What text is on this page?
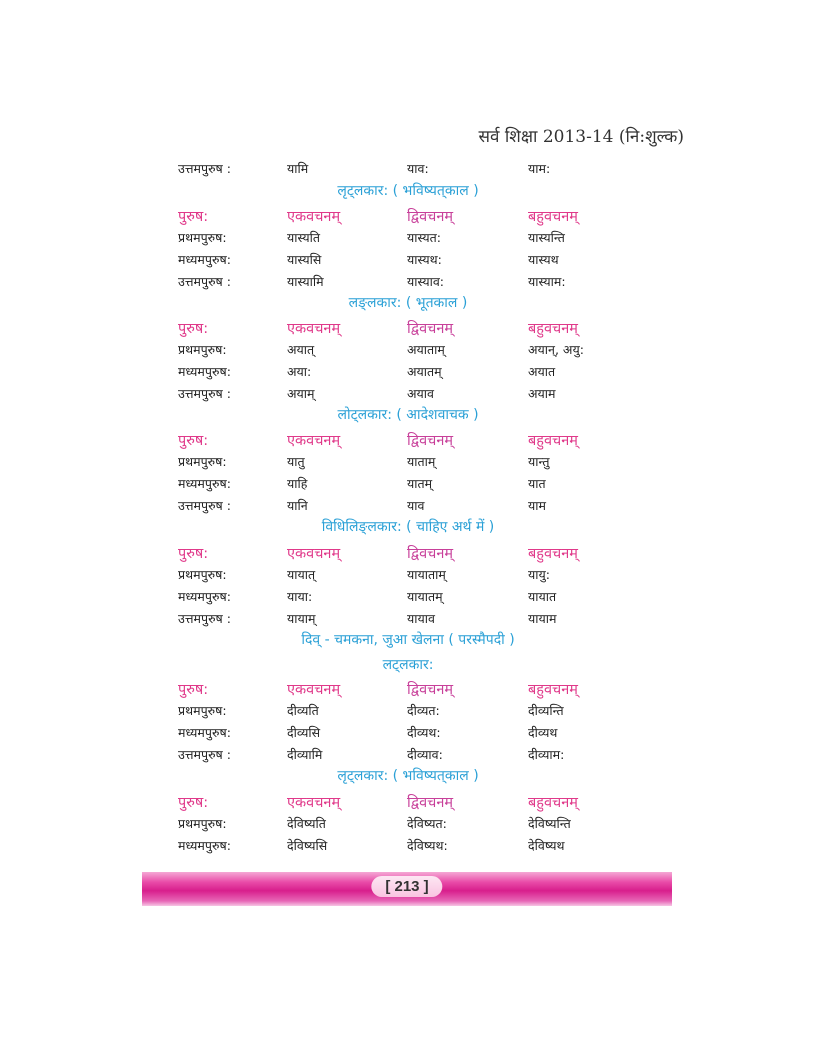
सर्व शिक्षा 2013-14 (नि:शुल्क)
उत्तमपुरुष :	यामि	याव:	याम:
लृट्लकार: ( भविष्यत्‌काल )
पुरुष:	एकवचनम्	द्विवचनम्	बहुवचनम्
प्रथमपुरुष:	यास्यति	यास्यत:	यास्यन्ति
मध्यमपुरुष:	यास्यसि	यास्यथ:	यास्यथ
उत्तमपुरुष :	यास्यामि	यास्याव:	यास्याम:
लङ्‌लकार: ( भूतकाल )
पुरुष:	एकवचनम्	द्विवचनम्	बहुवचनम्
प्रथमपुरुष:	अयात्	अयाताम्	अयान्, अयु:
मध्यमपुरुष:	अया:	अयातम्	अयात
उत्तमपुरुष :	अयाम्	अयाव	अयाम
लोट्‌लकार: ( आदेशवाचक )
पुरुष:	एकवचनम्	द्विवचनम्	बहुवचनम्
प्रथमपुरुष:	यातु	याताम्	यान्तु
मध्यमपुरुष:	याहि	यातम्	यात
उत्तमपुरुष :	यानि	याव	याम
विधिलिङ्‌लकार: ( चाहिए अर्थ में )
पुरुष:	एकवचनम्	द्विवचनम्	बहुवचनम्
प्रथमपुरुष:	यायात्	यायाताम्	यायु:
मध्यमपुरुष:	याया:	यायातम्	यायात
उत्तमपुरुष :	यायाम्	यायाव	यायाम
दिव् - चमकना, जुआ खेलना ( परस्मैपदी )
लट्‌लकार:
पुरुष:	एकवचनम्	द्विवचनम्	बहुवचनम्
प्रथमपुरुष:	दीव्यति	दीव्यत:	दीव्यन्ति
मध्यमपुरुष:	दीव्यसि	दीव्यथ:	दीव्यथ
उत्तमपुरुष :	दीव्यामि	दीव्याव:	दीव्याम:
लृट्लकार: ( भविष्यत्‌काल )
पुरुष:	एकवचनम्	द्विवचनम्	बहुवचनम्
प्रथमपुरुष:	देविष्यति	देविष्यत:	देविष्यन्ति
मध्यमपुरुष:	देविष्यसि	देविष्यथ:	देविष्यथ
[ 213 ]
